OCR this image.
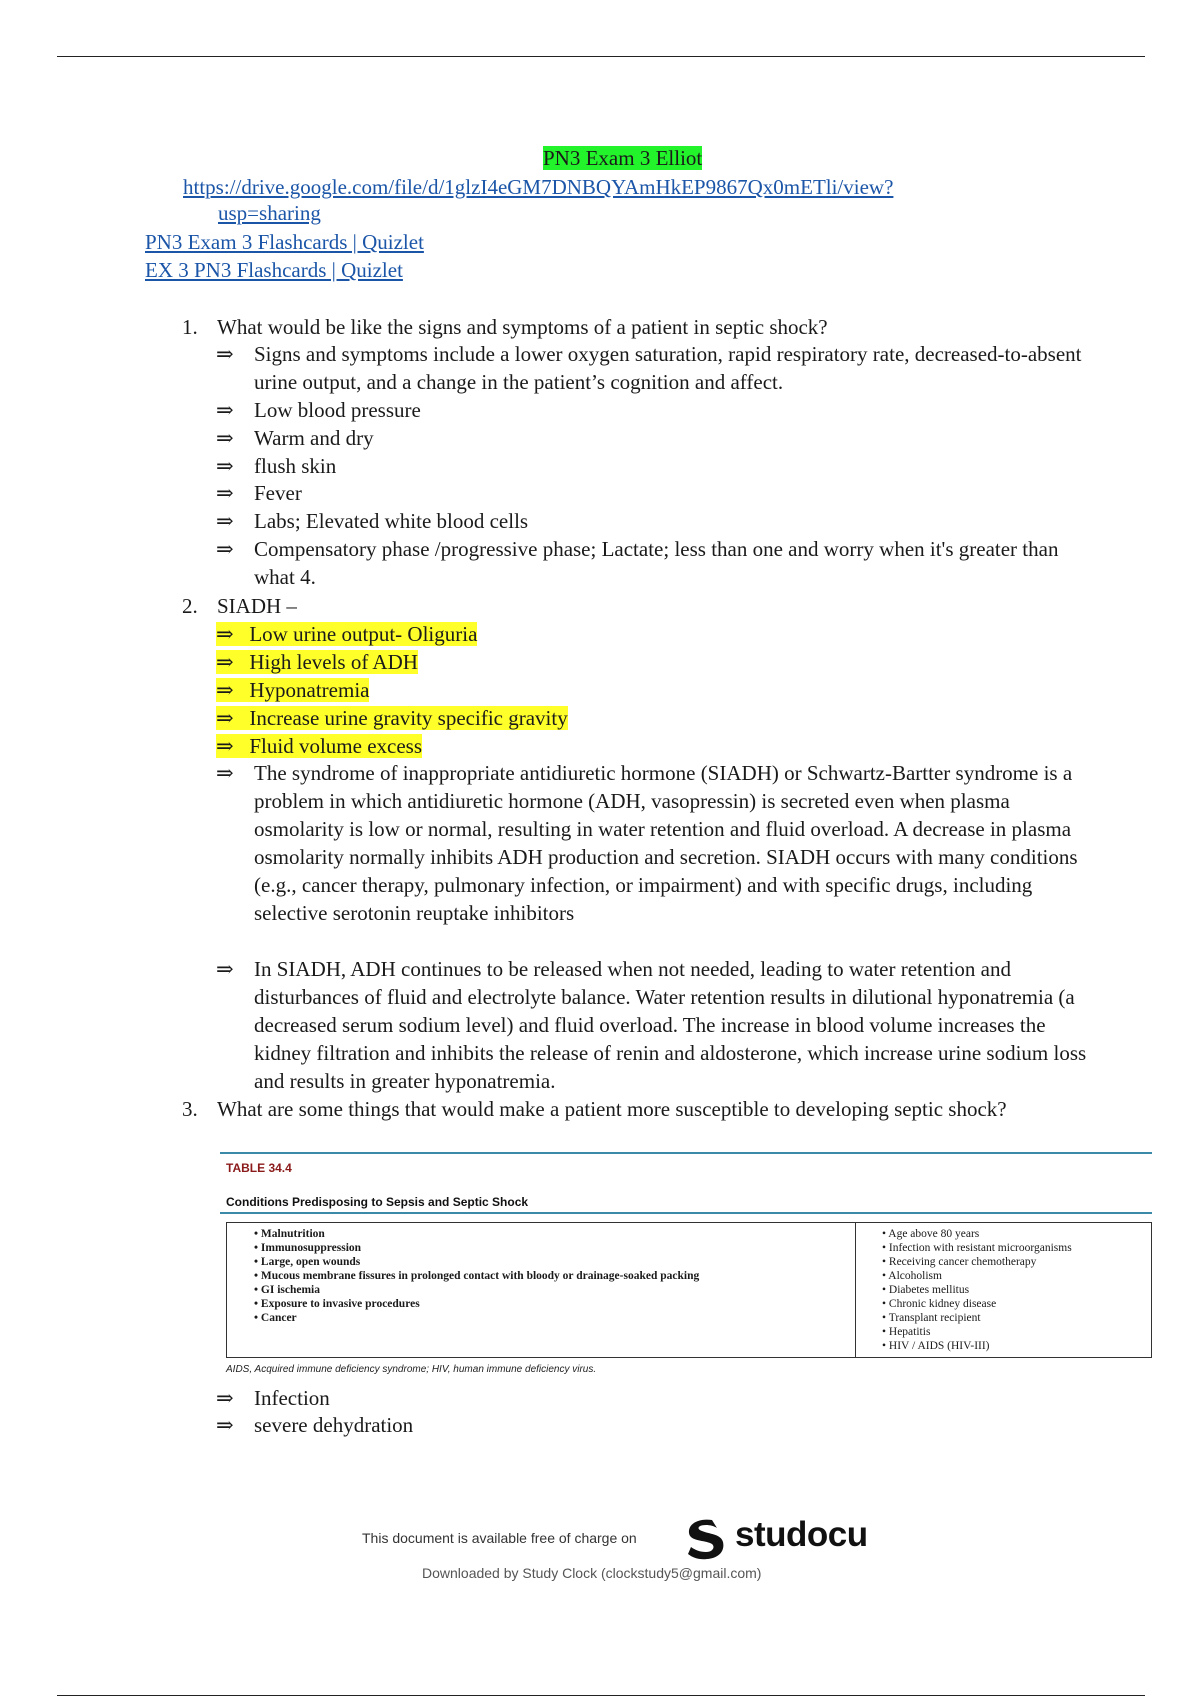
PN3 Exam 3 Elliot
https://drive.google.com/file/d/1glzI4eGM7DNBQYAmHkEP9867Qx0mETli/view?
usp=sharing
PN3 Exam 3 Flashcards | Quizlet
EX 3 PN3 Flashcards | Quizlet
1. What would be like the signs and symptoms of a patient in septic shock?
⇒ Signs and symptoms include a lower oxygen saturation, rapid respiratory rate, decreased-to-absent urine output, and a change in the patient’s cognition and affect.
⇒ Low blood pressure
⇒ Warm and dry
⇒ flush skin
⇒ Fever
⇒ Labs; Elevated white blood cells
⇒ Compensatory phase /progressive phase; Lactate; less than one and worry when it's greater than what 4.
2. SIADH –
⇒ Low urine output- Oliguria
⇒ High levels of ADH
⇒ Hyponatremia
⇒ Increase urine gravity specific gravity
⇒ Fluid volume excess
⇒ The syndrome of inappropriate antidiuretic hormone (SIADH) or Schwartz-Bartter syndrome is a problem in which antidiuretic hormone (ADH, vasopressin) is secreted even when plasma osmolarity is low or normal, resulting in water retention and fluid overload. A decrease in plasma osmolarity normally inhibits ADH production and secretion. SIADH occurs with many conditions (e.g., cancer therapy, pulmonary infection, or impairment) and with specific drugs, including selective serotonin reuptake inhibitors
⇒ In SIADH, ADH continues to be released when not needed, leading to water retention and disturbances of fluid and electrolyte balance. Water retention results in dilutional hyponatremia (a decreased serum sodium level) and fluid overload. The increase in blood volume increases the kidney filtration and inhibits the release of renin and aldosterone, which increase urine sodium loss and results in greater hyponatremia.
3. What are some things that would make a patient more susceptible to developing septic shock?
TABLE 34.4
Conditions Predisposing to Sepsis and Septic Shock
• Malnutrition
• Immunosuppression
• Large, open wounds
• Mucous membrane fissures in prolonged contact with bloody or drainage-soaked packing
• GI ischemia
• Exposure to invasive procedures
• Cancer
• Age above 80 years
• Infection with resistant microorganisms
• Receiving cancer chemotherapy
• Alcoholism
• Diabetes mellitus
• Chronic kidney disease
• Transplant recipient
• Hepatitis
• HIV / AIDS (HIV-III)
AIDS, Acquired immune deficiency syndrome; HIV, human immune deficiency virus.
⇒ Infection
⇒ severe dehydration
This document is available free of charge on	studocu
Downloaded by Study Clock (clockstudy5@gmail.com)
